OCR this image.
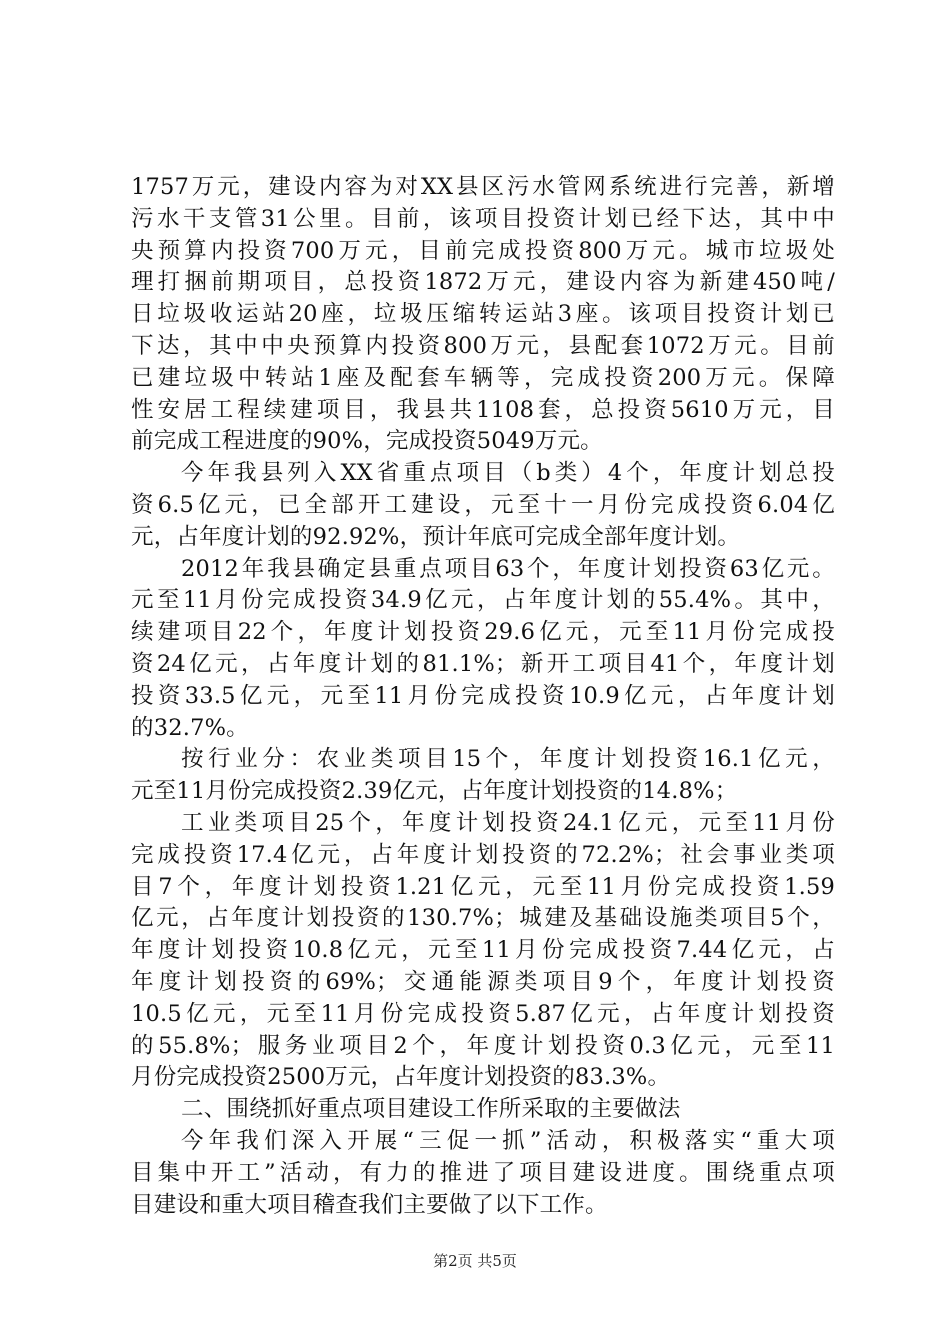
1757万元，建设内容为对XX县区污水管网系统进行完善，新增
污水干支管31公里。目前，该项目投资计划已经下达，其中中
央预算内投资700万元，目前完成投资800万元。城市垃圾处
理打捆前期项目，总投资1872万元，建设内容为新建450吨/
日垃圾收运站20座，垃圾压缩转运站3座。该项目投资计划已
下达，其中中央预算内投资800万元，县配套1072万元。目前
已建垃圾中转站1座及配套车辆等，完成投资200万元。保障
性安居工程续建项目，我县共1108套，总投资5610万元，目
前完成工程进度的90%，完成投资5049万元。
今年我县列入XX省重点项目（b类）4个，年度计划总投
资6.5亿元，已全部开工建设，元至十一月份完成投资6.04亿
元，占年度计划的92.92%，预计年底可完成全部年度计划。
2012年我县确定县重点项目63个，年度计划投资63亿元。
元至11月份完成投资34.9亿元，占年度计划的55.4%。其中，
续建项目22个，年度计划投资29.6亿元，元至11月份完成投
资24亿元，占年度计划的81.1%；新开工项目41个，年度计划
投资33.5亿元，元至11月份完成投资10.9亿元，占年度计划
的32.7%。
按行业分：农业类项目15个，年度计划投资16.1亿元，
元至11月份完成投资2.39亿元，占年度计划投资的14.8%；
工业类项目25个，年度计划投资24.1亿元，元至11月份
完成投资17.4亿元，占年度计划投资的72.2%；社会事业类项
目7个，年度计划投资1.21亿元，元至11月份完成投资1.59
亿元，占年度计划投资的130.7%；城建及基础设施类项目5个，
年度计划投资10.8亿元，元至11月份完成投资7.44亿元，占
年度计划投资的69%；交通能源类项目9个，年度计划投资
10.5亿元，元至11月份完成投资5.87亿元，占年度计划投资
的55.8%；服务业项目2个，年度计划投资0.3亿元，元至11
月份完成投资2500万元，占年度计划投资的83.3%。
二、围绕抓好重点项目建设工作所采取的主要做法
今年我们深入开展“三促一抓”活动，积极落实“重大项
目集中开工”活动，有力的推进了项目建设进度。围绕重点项
目建设和重大项目稽查我们主要做了以下工作。
第2页 共5页
